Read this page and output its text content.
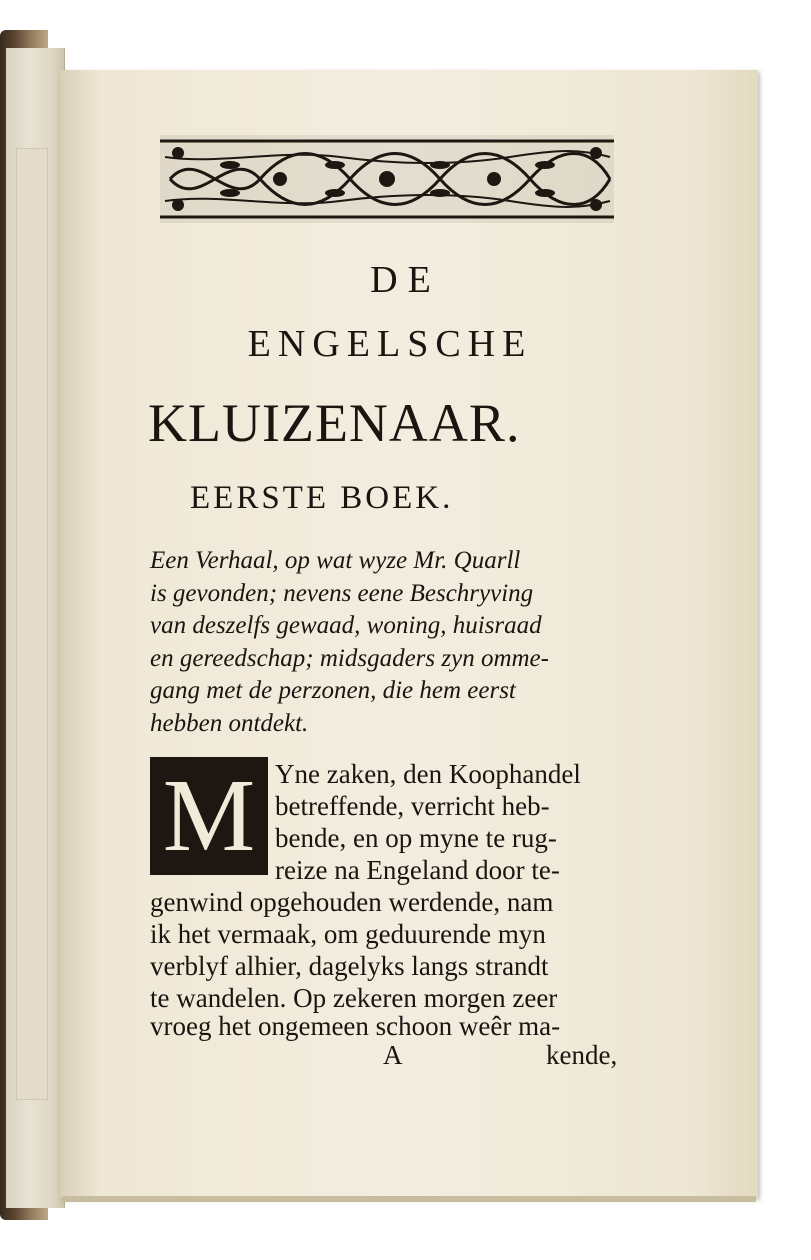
DE
ENGELSCHE
KLUIZENAAR.
EERSTE BOEK.
Een Verhaal, op wat wyze Mr. Quarll
is gevonden; nevens eene Beschryving
van deszelfs gewaad, woning, huisraad
en gereedschap; midsgaders zyn omme-
gang met de perzonen, die hem eerst
hebben ontdekt.
M Yne zaken, den Koophandel
betreffende, verricht heb-
bende, en op myne te rug-
reize na Engeland door te-
genwind opgehouden werdende, nam
ik het vermaak, om geduurende myn
verblyf alhier, dagelyks langs strandt
te wandelen. Op zekeren morgen zeer
vroeg het ongemeen schoon weêr ma-
A	kende,
